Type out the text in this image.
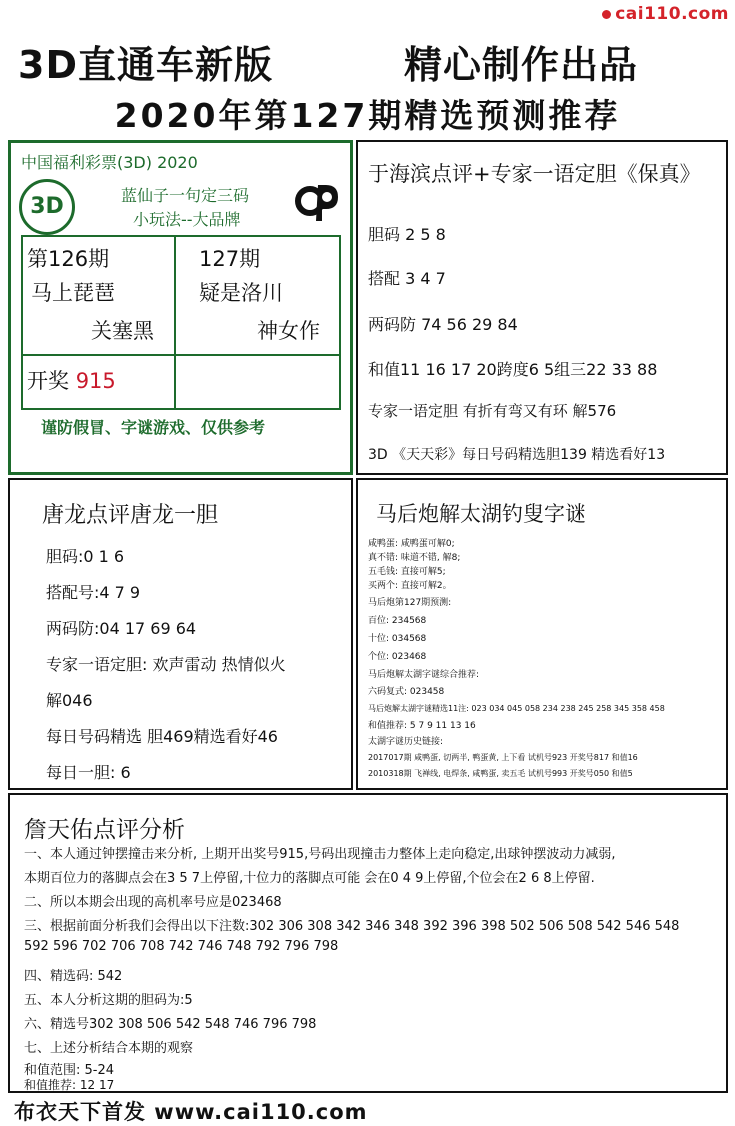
cai110.com
3D直通车新版	精心制作出品
2020年第127期精选预测推荐
中国福利彩票(3D) 2020
3D	蓝仙子一句定三码
小玩法--大品牌
第126期
马上琵琶
关塞黑
127期
疑是洛川
神女作
开奖 915
谨防假冒、字谜游戏、仅供参考
于海滨点评+专家一语定胆《保真》
胆码 2 5 8
搭配 3 4 7
两码防 74 56 29 84
和值11 16 17 20跨度6 5组三22 33 88
专家一语定胆 有折有弯又有环 解576
3D 《天天彩》每日号码精选胆139 精选看好13
唐龙点评唐龙一胆
胆码:0 1 6
搭配号:4 7 9
两码防:04 17 69 64
专家一语定胆: 欢声雷动 热情似火
解046
每日号码精选 胆469精选看好46
每日一胆: 6
马后炮解太湖钓叟字谜
咸鸭蛋: 咸鸭蛋可解0;
真不错: 味道不错, 解8;
五毛钱: 直接可解5;
买两个: 直接可解2。
马后炮第127期预测:
百位: 234568
十位: 034568
个位: 023468
马后炮解太湖字谜综合推荐:
六码复式: 023458
马后炮解太湖字谜精选11注: 023 034 045 058 234 238 245 258 345 358 458
和值推荐: 5 7 9 11 13 16
太湖字谜历史链接:
2017017期 咸鸭蛋, 切两半, 鸭蛋黄, 上下看 试机号923 开奖号817 和值16
2010318期 飞禅线, 电焊条, 咸鸭蛋, 卖五毛 试机号993 开奖号050 和值5
詹天佑点评分析
一、本人通过钟摆撞击来分析, 上期开出奖号915,号码出现撞击力整体上走向稳定,出球钟摆波动力减弱,
本期百位力的落脚点会在3 5 7上停留,十位力的落脚点可能 会在0 4 9上停留,个位会在2 6 8上停留.
二、所以本期会出现的高机率号应是023468
三、根据前面分析我们会得出以下注数:302 306 308 342 346 348 392 396 398 502 506 508 542 546 548
592 596 702 706 708 742 746 748 792 796 798
四、精选码: 542
五、本人分析这期的胆码为:5
六、精选号302 308 506 542 548 746 796 798
七、上述分析结合本期的观察
和值范围: 5-24
和值推荐: 12 17
布衣天下首发 www.cai110.com
